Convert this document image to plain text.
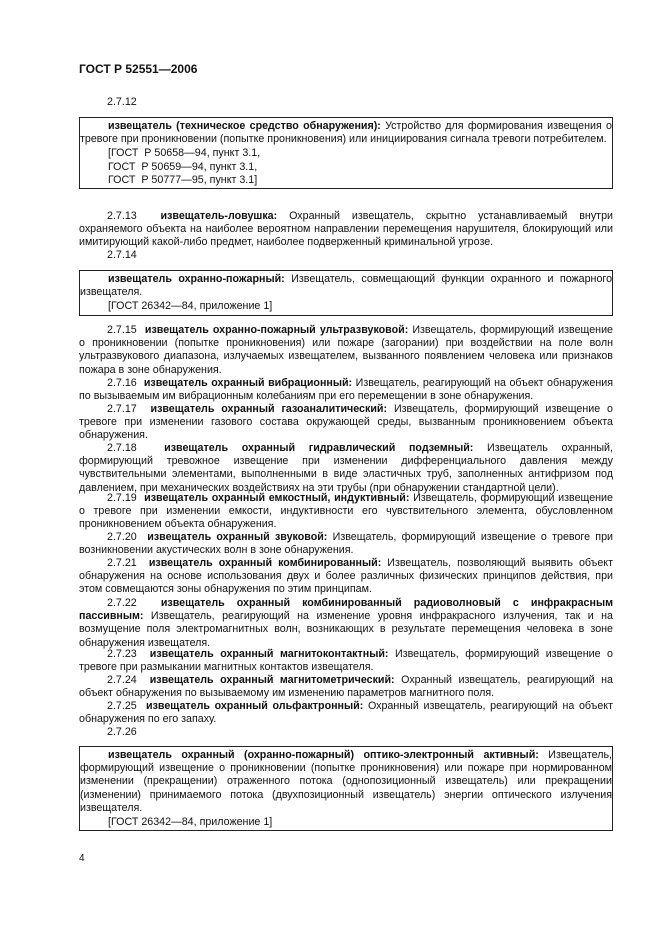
ГОСТ Р 52551—2006
2.7.12

извещатель (техническое средство обнаружения): Устройство для формирования извещения о тревоге при проникновении (попытке проникновения) или инициирования сигнала тревоги потребителем.

[ГОСТ  Р 50658—94, пункт 3.1,
ГОСТ  Р 50659—94, пункт 3.1,
ГОСТ  Р 50777—95, пункт 3.1]

2.7.13 извещатель-ловушка: Охранный извещатель, скрытно устанавливаемый внутри охраняемого объекта на наиболее вероятном направлении перемещения нарушителя, блокирующий или имитирующий какой-либо предмет, наиболее подверженный криминальной угрозе.

2.7.14

извещатель охранно-пожарный: Извещатель, совмещающий функции охранного и пожарного извещателя.

[ГОСТ 26342—84, приложение 1]

2.7.15 извещатель охранно-пожарный ультразвуковой: Извещатель, формирующий извещение о проникновении (попытке проникновения) или пожаре (загорании) при воздействии на поле волн ультразвукового диапазона, излучаемых извещателем, вызванного появлением человека или признаков пожара в зоне обнаружения.

2.7.16 извещатель охранный вибрационный: Извещатель, реагирующий на объект обнаружения по вызываемым им вибрационным колебаниям при его перемещении в зоне обнаружения.

2.7.17 извещатель охранный газоаналитический: Извещатель, формирующий извещение о тревоге при изменении газового состава окружающей среды, вызванным проникновением объекта обнаружения.

2.7.18	извещатель охранный гидравлический подземный: Извещатель охранный, формирующий тревожное извещение при изменении дифференциального давления между чувствительными элементами, выполненными в виде эластичных труб, заполненных антифризом под давлением, при механических воздействиях на эти трубы (при обнаружении стандартной цели).

2.7.19 извещатель охранный емкостный, индуктивный: Извещатель, формирующий извещение о тревоге при изменении емкости, индуктивности его чувствительного элемента, обусловленном проникновением объекта обнаружения.

2.7.20 извещатель охранный звуковой: Извещатель, формирующий извещение о тревоге при возникновении акустических волн в зоне обнаружения.

2.7.21 извещатель охранный комбинированный: Извещатель, позволяющий выявить объект обнаружения на основе использования двух и более различных физических принципов действия, при этом совмещаются зоны обнаружения по этим принципам.

2.7.22 извещатель охранный комбинированный радиоволновый с инфракрасным пассивным: Извещатель, реагирующий на изменение уровня инфракрасного излучения, так и на возмущение поля электромагнитных волн, возникающих в результате перемещения человека в зоне обнаружения извещателя.

2.7.23 извещатель охранный магнитоконтактный: Извещатель, формирующий извещение о тревоге при размыкании магнитных контактов извещателя.

2.7.24 извещатель охранный магнитометрический: Охранный извещатель, реагирующий на объект обнаружения по вызываемому им изменению параметров магнитного поля.

2.7.25 извещатель охранный ольфактронный: Охранный извещатель, реагирующий на объект обнаружения по его запаху.

2.7.26

извещатель охранный (охранно-пожарный) оптико-электронный активный: Извещатель, формирующий извещение о проникновении (попытке проникновения) или пожаре при нормированном изменении (прекращении) отраженного потока (однопозиционный извещатель) или прекращении (изменении) принимаемого потока (двухпозиционный извещатель) энергии оптического излучения извещателя.

[ГОСТ 26342—84, приложение 1]
4
